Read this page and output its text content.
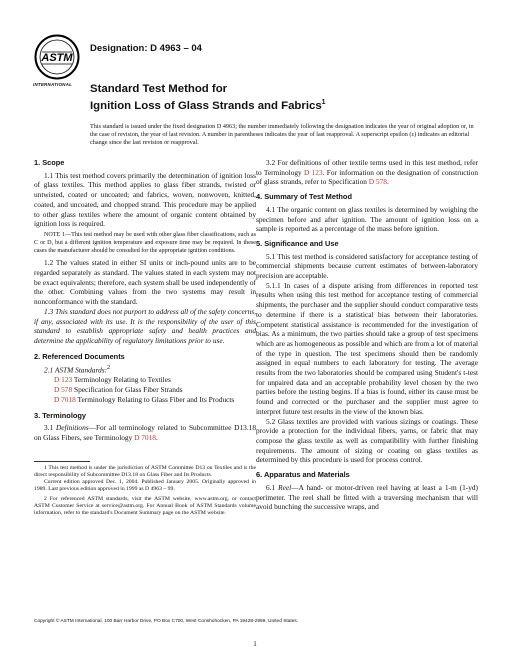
ASTM
INTERNATIONAL
Designation: D 4963 – 04
Standard Test Method for
Ignition Loss of Glass Strands and Fabrics$^1$
This standard is issued under the fixed designation D 4963; the number immediately following the designation indicates the year of original adoption or, in the case of revision, the year of last revision. A number in parentheses indicates the year of last reapproval. A superscript epsilon (ε) indicates an editorial change since the last revision or reapproval.
1. Scope

1.1 This test method covers primarily the determination of ignition loss of glass textiles. This method applies to glass fiber strands, twisted or untwisted, coated or uncoated; and fabrics, woven, nonwoven, knitted, coated, and uncoated, and chopped strand. This procedure may be applied to other glass textiles where the amount of organic content obtained by ignition loss is required.

NOTE 1—This test method may be used with other glass fiber classifications, such as C or D, but a different ignition temperature and exposure time may be required. In these cases the manufacturer should be consulted for the appropriate ignition conditions.

1.2 The values stated in either SI units or inch-pound units are to be regarded separately as standard. The values stated in each system may not be exact equivalents; therefore, each system shall be used independently of the other. Combining values from the two systems may result in nonconformance with the standard.

1.3 This standard does not purport to address all of the safety concerns, if any, associated with its use. It is the responsibility of the user of this standard to establish appropriate safety and health practices and determine the applicability of regulatory limitations prior to use.

2. Referenced Documents

2.1 ASTM Standards:$^2$

D 123 Terminology Relating to Textiles

D 578 Specification for Glass Fiber Strands

D 7018 Terminology Relating to Glass Fiber and Its Products

3. Terminology

3.1 Definitions—For all terminology related to Subcommittee D13.18 on Glass Fibers, see Terminology D 7018.

1 This test method is under the jurisdiction of ASTM Committee D13 on Textiles and is the direct responsibility of Subcommittee D13.18 on Glass Fiber and Its Products.

Current edition approved Dec. 1, 2004. Published January 2005. Originally approved in 1989. Last previous edition approved in 1999 as D 4963 – 99.

2 For referenced ASTM standards, visit the ASTM website, www.astm.org, or contact ASTM Customer Service at service@astm.org. For Annual Book of ASTM Standards volume information, refer to the standard's Document Summary page on the ASTM website.

3.2 For definitions of other textile terms used in this test method, refer to Terminology D 123. For information on the designation of construction of glass strands, refer to Specification D 578.

4. Summary of Test Method

4.1 The organic content on glass textiles is determined by weighing the specimen before and after ignition. The amount of ignition loss on a sample is reported as a percentage of the mass before ignition.

5. Significance and Use

5.1 This test method is considered satisfactory for acceptance testing of commercial shipments because current estimates of between-laboratory precision are acceptable.

5.1.1 In cases of a dispute arising from differences in reported test results when using this test method for acceptance testing of commercial shipments, the purchaser and the supplier should conduct comparative tests to determine if there is a statistical bias between their laboratories. Competent statistical assistance is recommended for the investigation of bias. As a minimum, the two parties should take a group of test specimens which are as homogeneous as possible and which are from a lot of material of the type in question. The test specimens should then be randomly assigned in equal numbers to each laboratory for testing. The average results from the two laboratories should be compared using Student's t-test for unpaired data and an acceptable probability level chosen by the two parties before the testing begins. If a bias is found, either its cause must be found and corrected or the purchaser and the supplier must agree to interpret future test results in the view of the known bias.

5.2 Glass textiles are provided with various sizings or coatings. These provide a protection for the individual fibers, yarns, or fabric that may compose the glass textile as well as compatibility with further finishing requirements. The amount of sizing or coating on glass textiles as determined by this procedure is used for process control.

6. Apparatus and Materials

6.1 Reel—A hand- or motor-driven reel having at least a 1-m (1-yd) perimeter. The reel shall be fitted with a traversing mechanism that will avoid bunching the successive wraps, and

Copyright © ASTM International, 100 Barr Harbor Drive, PO Box C700, West Conshohocken, PA 19428-2959, United States.
1
